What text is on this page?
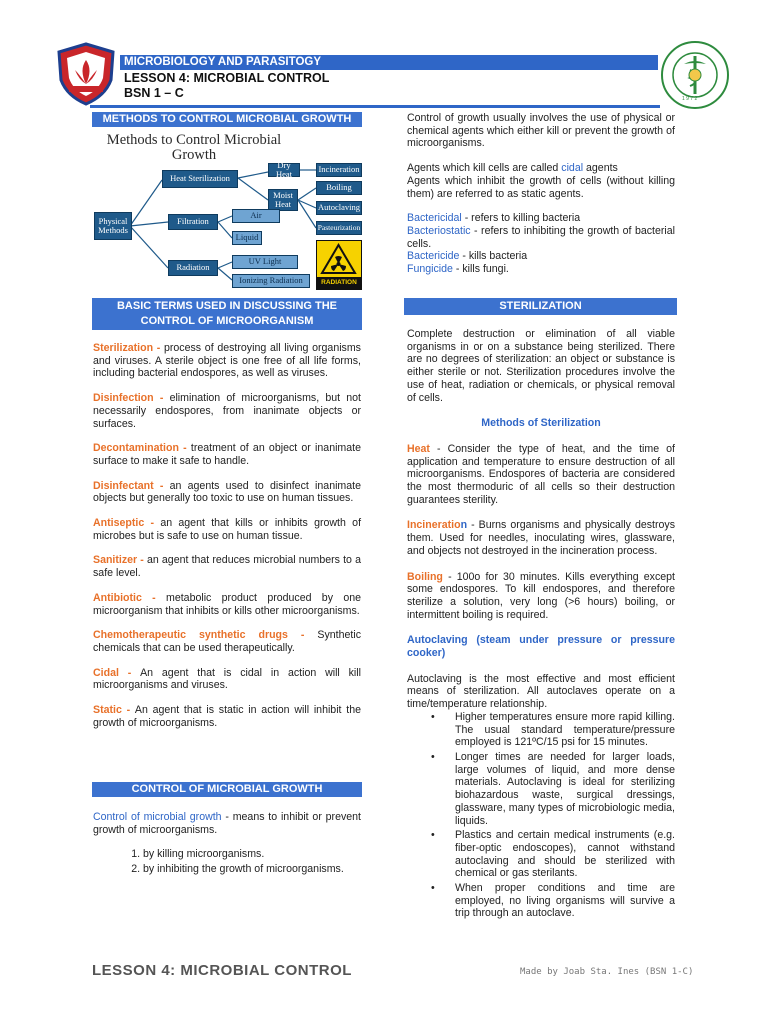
MICROBIOLOGY AND PARASITOGY
LESSON 4: MICROBIAL CONTROL
BSN 1 – C	1 9 7 2
METHODS TO CONTROL MICROBIAL GROWTH
Methods to Control Microbial Growth
Physical Methods
Heat Sterilization
Dry Heat
Moist Heat
Incineration
Boiling
Autoclaving
Pasteurization
Filtration
Air
Liquid
Radiation
UV Light
Ionizing Radiation	RADIATION
BASIC TERMS USED IN DISCUSSING THE CONTROL OF MICROORGANISM

Sterilization - process of destroying all living organisms and viruses. A sterile object is one free of all life forms, including bacterial endospores, as well as viruses.

Disinfection - elimination of microorganisms, but not necessarily endospores, from inanimate objects or surfaces.

Decontamination - treatment of an object or inanimate surface to make it safe to handle.

Disinfectant - an agents used to disinfect inanimate objects but generally too toxic to use on human tissues.

Antiseptic - an agent that kills or inhibits growth of microbes but is safe to use on human tissue.

Sanitizer - an agent that reduces microbial numbers to a safe level.

Antibiotic - metabolic product produced by one microorganism that inhibits or kills other microorganisms.

Chemotherapeutic synthetic drugs - Synthetic chemicals that can be used therapeutically.

Cidal - An agent that is cidal in action will kill microorganisms and viruses.

Static - An agent that is static in action will inhibit the growth of microorganisms.

CONTROL OF MICROBIAL GROWTH

Control of microbial growth - means to inhibit or prevent growth of microorganisms.

1. by killing microorganisms.
2. by inhibiting the growth of microorganisms.

Control of growth usually involves the use of physical or chemical agents which either kill or prevent the growth of microorganisms.

Agents which kill cells are called cidal agents

Agents which inhibit the growth of cells (without killing them) are referred to as static agents.

Bactericidal - refers to killing bacteria

Bacteriostatic - refers to inhibiting the growth of bacterial cells.

Bactericide - kills bacteria

Fungicide - kills fungi.

STERILIZATION

Complete destruction or elimination of all viable organisms in or on a substance being sterilized. There are no degrees of sterilization: an object or substance is either sterile or not. Sterilization procedures involve the use of heat, radiation or chemicals, or physical removal of cells.

Methods of Sterilization

Heat - Consider the type of heat, and the time of application and temperature to ensure destruction of all microorganisms. Endospores of bacteria are considered the most thermoduric of all cells so their destruction guarantees sterility.

Incineration - Burns organisms and physically destroys them. Used for needles, inoculating wires, glassware, and objects not destroyed in the incineration process.

Boiling - 100o for 30 minutes. Kills everything except some endospores. To kill endospores, and therefore sterilize a solution, very long (>6 hours) boiling, or intermittent boiling is required.

Autoclaving (steam under pressure or pressure cooker)

Autoclaving is the most effective and most efficient means of sterilization. All autoclaves operate on a time/temperature relationship.

• Higher temperatures ensure more rapid killing. The usual standard temperature/pressure employed is 121ºC/15 psi for 15 minutes.
• Longer times are needed for larger loads, large volumes of liquid, and more dense materials. Autoclaving is ideal for sterilizing biohazardous waste, surgical dressings, glassware, many types of microbiologic media, liquids.
• Plastics and certain medical instruments (e.g. fiber-optic endoscopes), cannot withstand autoclaving and should be sterilized with chemical or gas sterilants.
• When proper conditions and time are employed, no living organisms will survive a trip through an autoclave.
LESSON 4: MICROBIAL CONTROL	Made by Joab Sta. Ines (BSN 1-C)
